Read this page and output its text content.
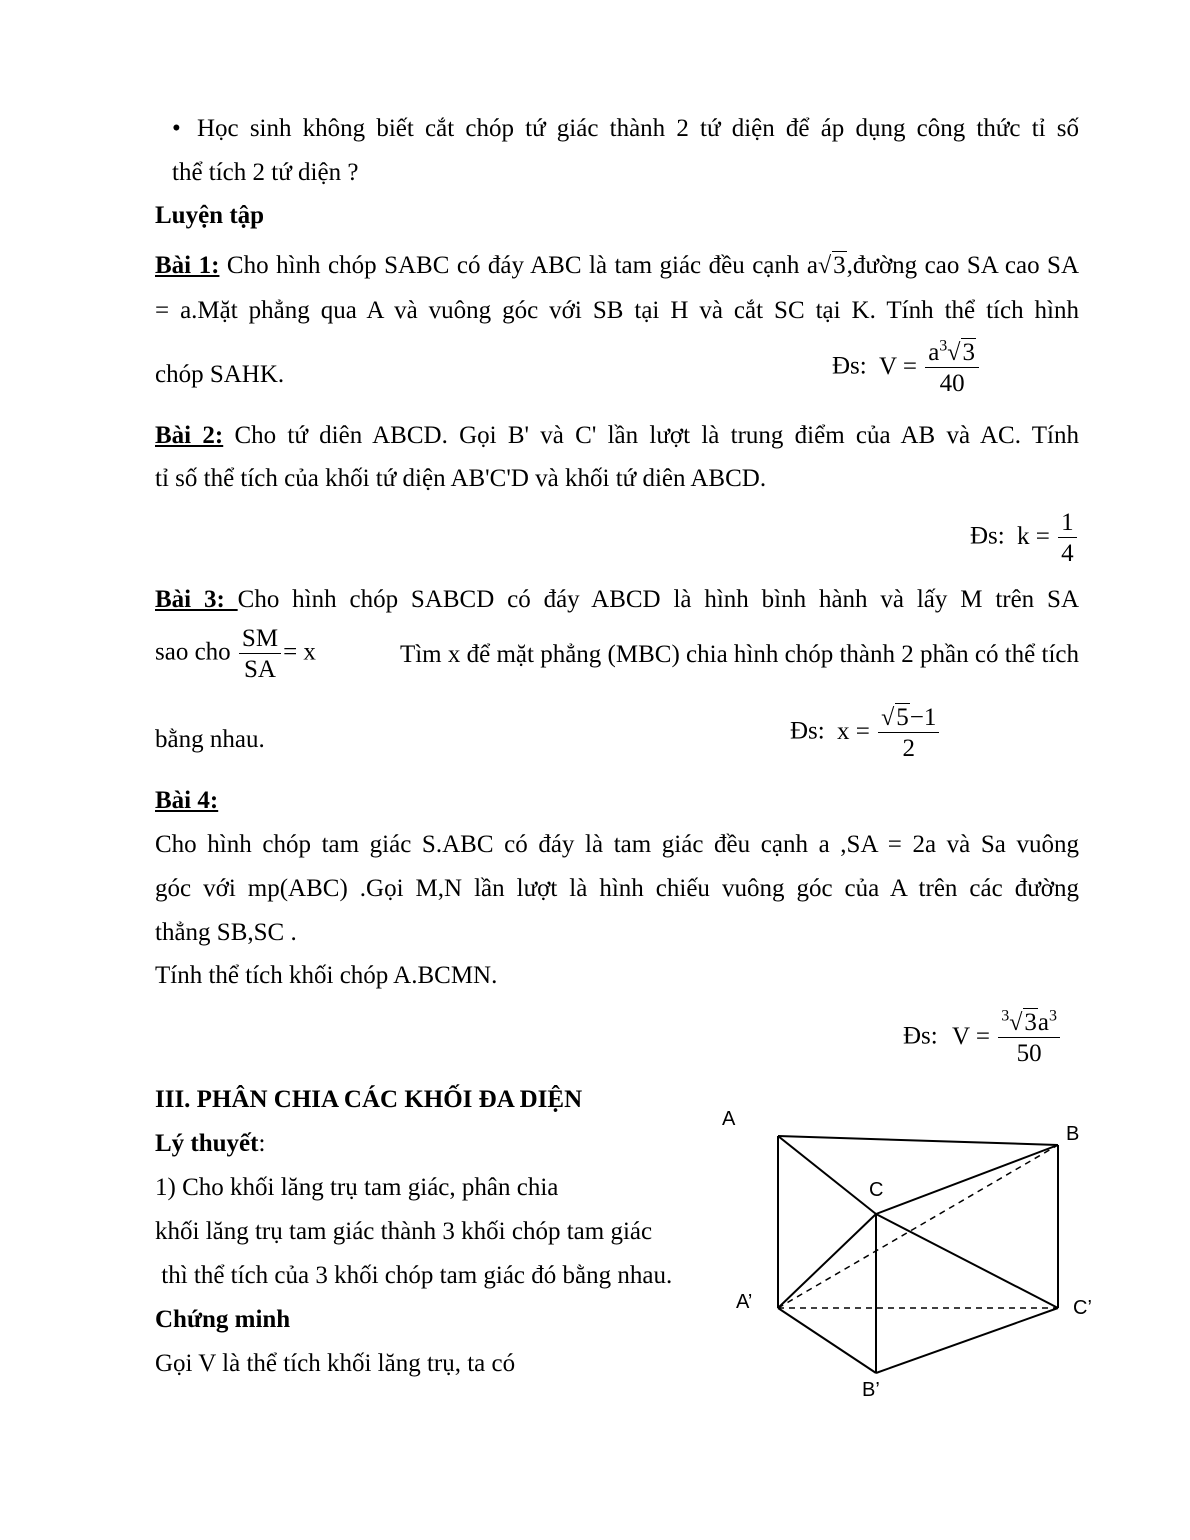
• Học sinh không biết cắt chóp tứ giác thành 2 tứ diện để áp dụng công thức tỉ số
thể tích 2 tứ diện ?
Luyện tập
Bài 1: Cho hình chóp SABC có đáy ABC là tam giác đều cạnh a√3,đường cao SA cao SA
= a.Mặt phẳng qua A và vuông góc với SB tại H và cắt SC tại K. Tính thể tích hình
chóp SAHK.	Đs: $V = \frac{a^3√3}{40}$
Bài 2: Cho tứ diên ABCD. Gọi B' và C' lần lượt là trung điểm của AB và AC. Tính
tỉ số thể tích của khối tứ diện AB'C'D và khối tứ diên ABCD.
Đs: $k = \frac{1}{4}$
Bài 3: Cho hình chóp SABCD có đáy ABCD là hình bình hành và lấy M trên SA
sao cho $\frac{SM}{SA} = x$	Tìm x để mặt phẳng (MBC) chia hình chóp thành 2 phần có thể tích
bằng nhau.	Đs: $x = \frac{√5-1}{2}$
Bài 4:
Cho hình chóp tam giác S.ABC có đáy là tam giác đều cạnh a ,SA = 2a và Sa vuông
góc với mp(ABC) .Gọi M,N lần lượt là hình chiếu vuông góc của A trên các đường
thẳng SB,SC .
Tính thể tích khối chóp A.BCMN.
Đs: $V = \frac{^3√3a^3}{50}$
III. PHÂN CHIA CÁC KHỐI ĐA DIỆN
Lý thuyết:
1) Cho khối lăng trụ tam giác, phân chia
khối lăng trụ tam giác thành 3 khối chóp tam giác
thì thể tích của 3 khối chóp tam giác đó bằng nhau.
Chứng minh
Gọi V là thể tích khối lăng trụ, ta có
A
B
C
A’	C’
B’
